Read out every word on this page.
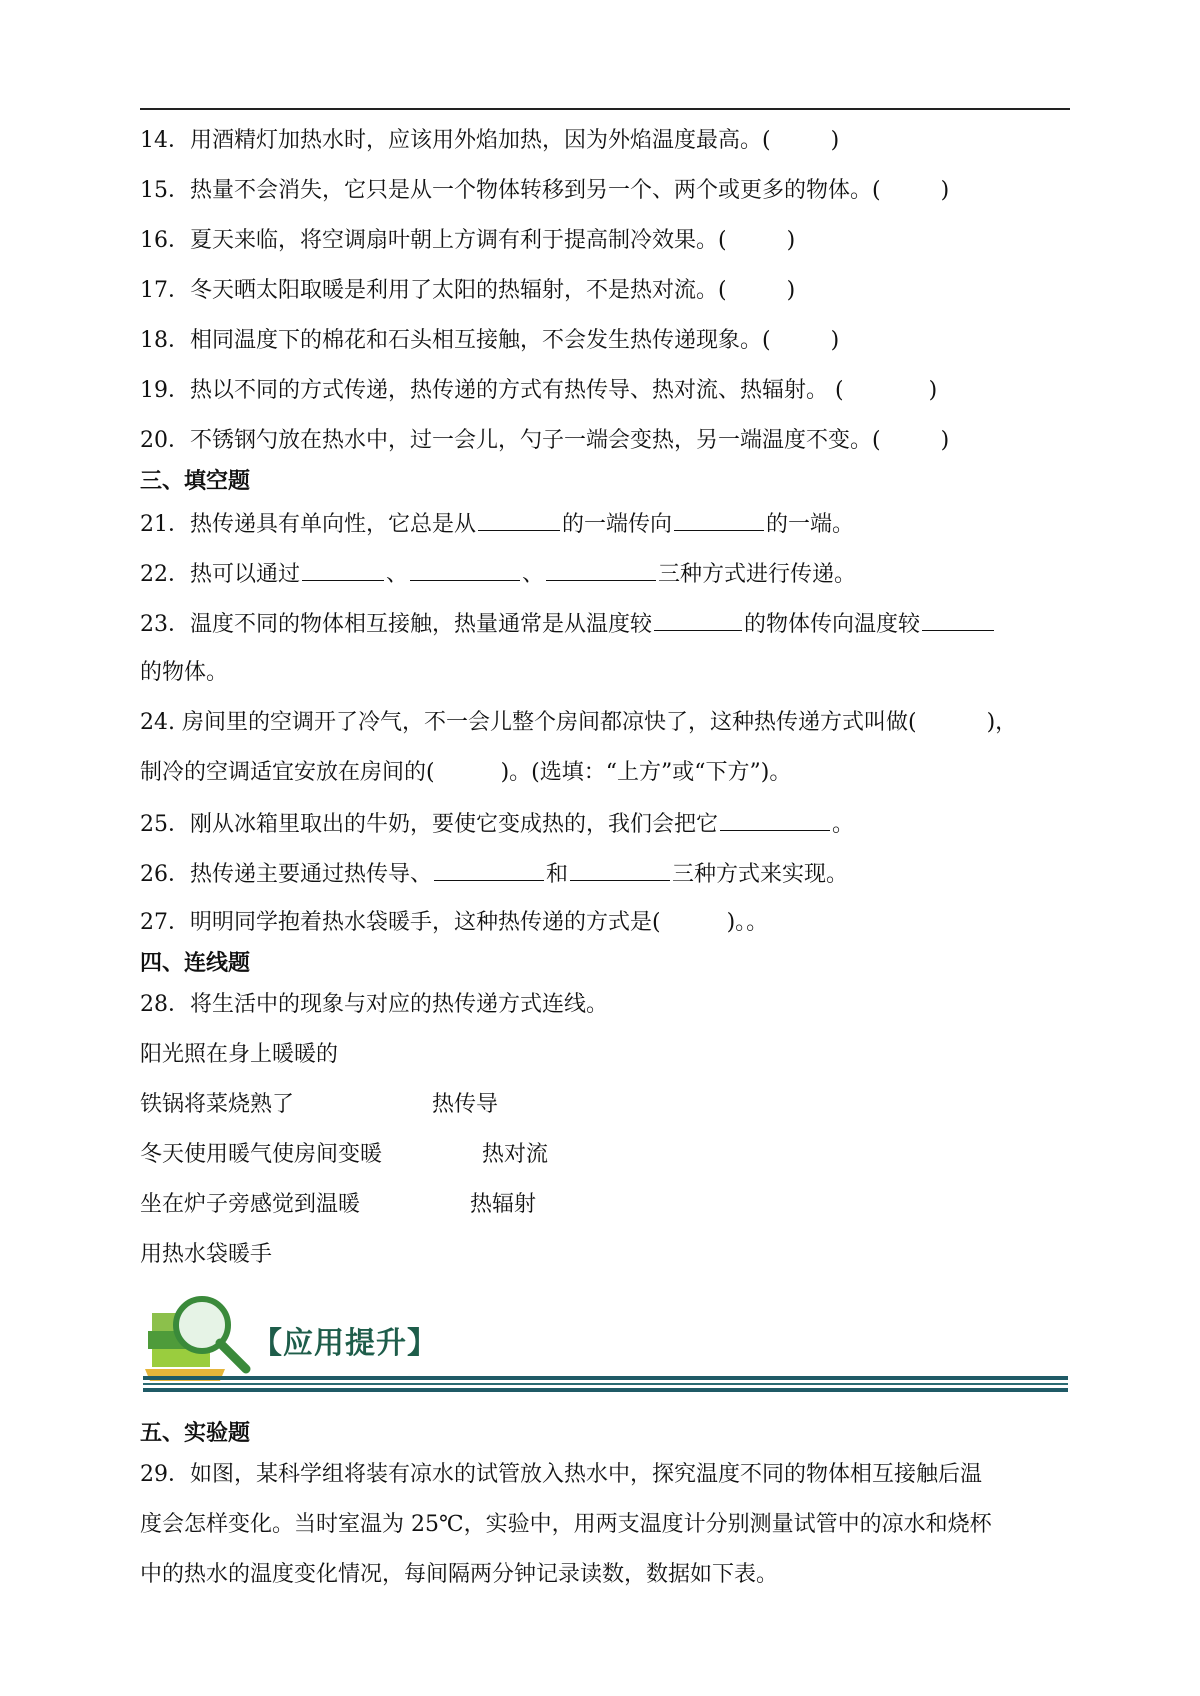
14．用酒精灯加热水时，应该用外焰加热，因为外焰温度最高。(	)
15．热量不会消失，它只是从一个物体转移到另一个、两个或更多的物体。(	)
16．夏天来临，将空调扇叶朝上方调有利于提高制冷效果。(	)
17．冬天晒太阳取暖是利用了太阳的热辐射，不是热对流。(	)
18．相同温度下的棉花和石头相互接触，不会发生热传递现象。(	)
19．热以不同的方式传递，热传递的方式有热传导、热对流、热辐射。 (	)
20．不锈钢勺放在热水中，过一会儿，勺子一端会变热，另一端温度不变。(	)
三、填空题
21．热传递具有单向性，它总是从	的一端传向	的一端。
22．热可以通过	、	、	三种方式进行传递。
23．温度不同的物体相互接触，热量通常是从温度较	的物体传向温度较
的物体。
24. 房间里的空调开了冷气，不一会儿整个房间都凉快了，这种热传递方式叫做(	)，
制冷的空调适宜安放在房间的(	)。(选填：“上方”或“下方”)。
25．刚从冰箱里取出的牛奶，要使它变成热的，我们会把它	。
26．热传递主要通过热传导、	和	三种方式来实现。
27．明明同学抱着热水袋暖手，这种热传递的方式是(	)。。
四、连线题
28．将生活中的现象与对应的热传递方式连线。
阳光照在身上暖暖的
铁锅将菜烧熟了
冬天使用暖气使房间变暖
坐在炉子旁感觉到温暖
用热水袋暖手
热传导
热对流
热辐射
【应用提升】
五、实验题
29．如图，某科学组将装有凉水的试管放入热水中，探究温度不同的物体相互接触后温
度会怎样变化。当时室温为 25℃，实验中，用两支温度计分别测量试管中的凉水和烧杯
中的热水的温度变化情况，每间隔两分钟记录读数，数据如下表。
